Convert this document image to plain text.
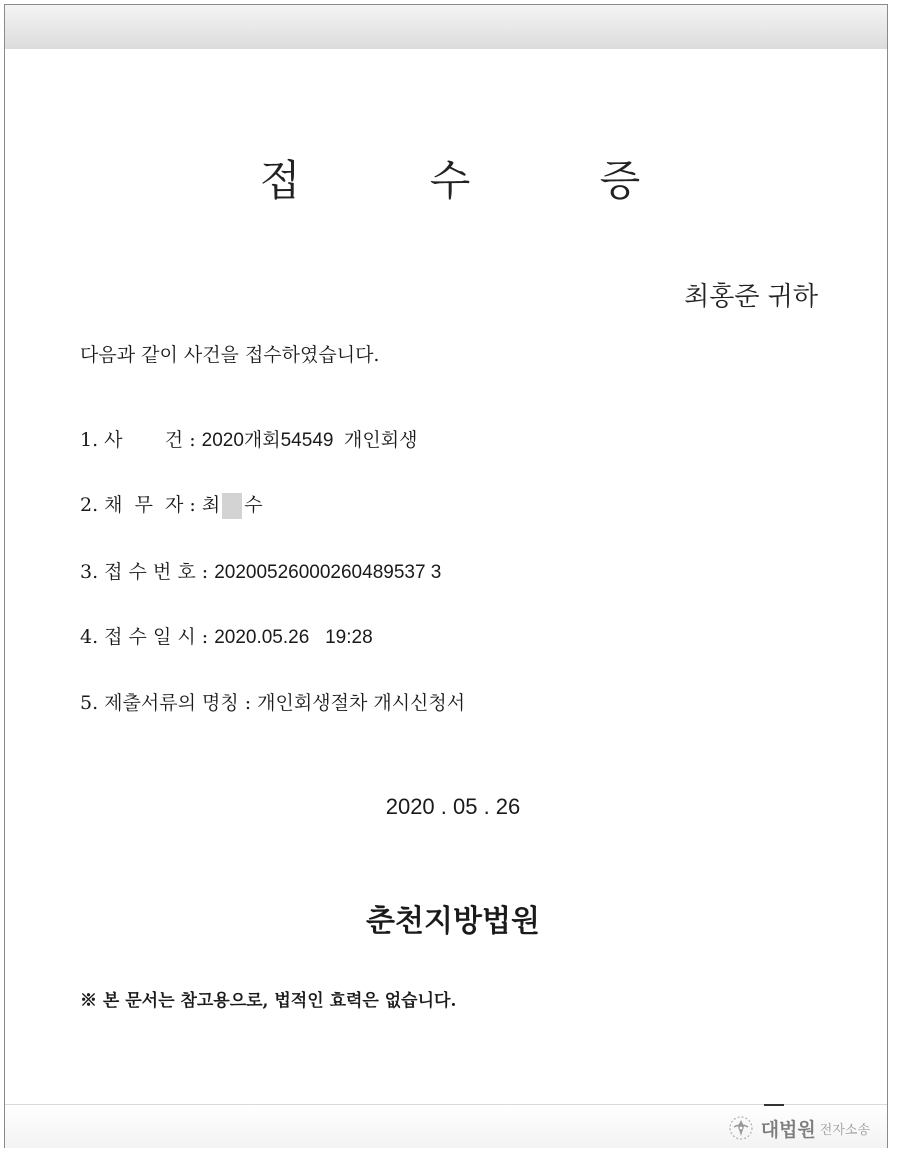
접 수 증
최홍준 귀하
다음과 같이 사건을 접수하였습니다.
1. 사       건 : 2020개회54549  개인회생
2. 채  무  자 : 최 수
3. 접 수 번 호 : 20200526000260489537 3
4. 접 수 일 시 : 2020.05.26   19:28
5. 제출서류의 명칭 : 개인회생절차 개시신청서
2020 . 05 . 26
춘천지방법원
※ 본 문서는 참고용으로, 법적인 효력은 없습니다.
대법원 전자소송
